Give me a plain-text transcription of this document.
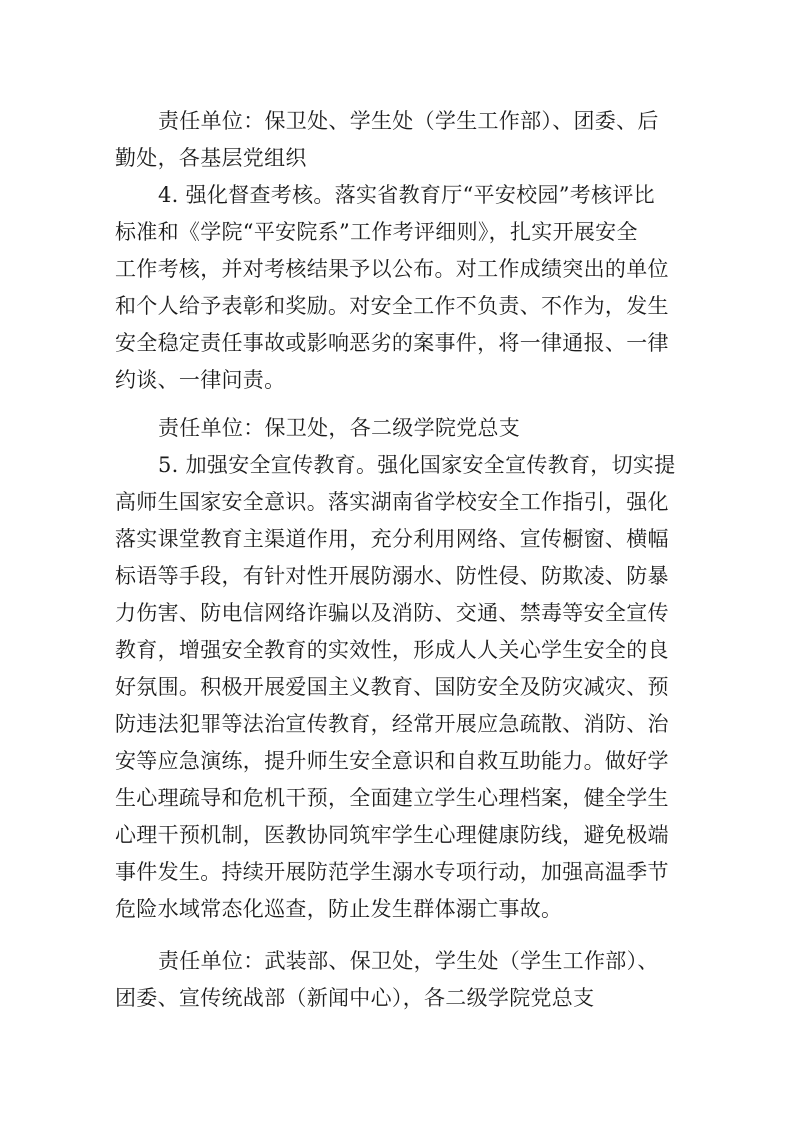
责任单位：保卫处、学生处（学生工作部）、团委、后
勤处，各基层党组织
4. 强化督查考核。落实省教育厅“平安校园”考核评比
标准和《学院“平安院系”工作考评细则》，扎实开展安全
工作考核，并对考核结果予以公布。对工作成绩突出的单位
和个人给予表彰和奖励。对安全工作不负责、不作为，发生
安全稳定责任事故或影响恶劣的案事件，将一律通报、一律
约谈、一律问责。
责任单位：保卫处，各二级学院党总支
5. 加强安全宣传教育。强化国家安全宣传教育，切实提
高师生国家安全意识。落实湖南省学校安全工作指引，强化
落实课堂教育主渠道作用，充分利用网络、宣传橱窗、横幅
标语等手段，有针对性开展防溺水、防性侵、防欺凌、防暴
力伤害、防电信网络诈骗以及消防、交通、禁毒等安全宣传
教育，增强安全教育的实效性，形成人人关心学生安全的良
好氛围。积极开展爱国主义教育、国防安全及防灾减灾、预
防违法犯罪等法治宣传教育，经常开展应急疏散、消防、治
安等应急演练，提升师生安全意识和自救互助能力。做好学
生心理疏导和危机干预，全面建立学生心理档案，健全学生
心理干预机制，医教协同筑牢学生心理健康防线，避免极端
事件发生。持续开展防范学生溺水专项行动，加强高温季节
危险水域常态化巡查，防止发生群体溺亡事故。
责任单位：武装部、保卫处，学生处（学生工作部）、
团委、宣传统战部（新闻中心），各二级学院党总支
